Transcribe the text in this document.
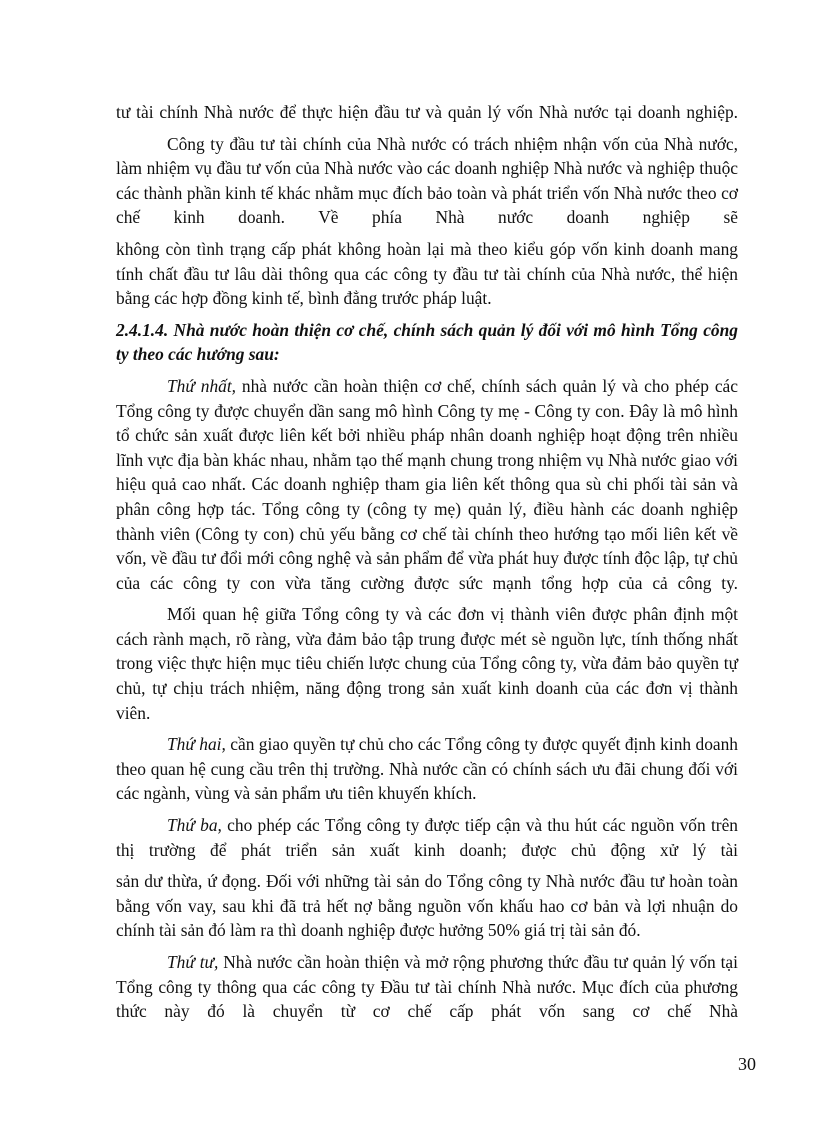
tư tài chính Nhà nước để thực hiện đầu tư và quản lý vốn Nhà nước tại doanh nghiệp.

Công ty đầu tư tài chính của Nhà nước có trách nhiệm nhận vốn của Nhà nước, làm nhiệm vụ đầu tư vốn của Nhà nước vào các doanh nghiệp Nhà nước và nghiệp thuộc các thành phần kinh tế khác nhằm mục đích bảo toàn và phát triển vốn Nhà nước theo cơ chế kinh doanh. Về phía Nhà nước doanh nghiệp sẽ

không còn tình trạng cấp phát không hoàn lại mà theo kiểu góp vốn kinh doanh mang tính chất đầu tư lâu dài thông qua các công ty đầu tư tài chính của Nhà nước, thể hiện bằng các hợp đồng kinh tế, bình đẳng trước pháp luật.

2.4.1.4. Nhà nước hoàn thiện cơ chế, chính sách quản lý đối với mô hình Tổng công ty theo các hướng sau:

Thứ nhất, nhà nước cần hoàn thiện cơ chế, chính sách quản lý và cho phép các Tổng công ty được chuyển dần sang mô hình Công ty mẹ - Công ty con. Đây là mô hình tổ chức sản xuất được liên kết bởi nhiều pháp nhân doanh nghiệp hoạt động trên nhiều lĩnh vực địa bàn khác nhau, nhằm tạo thế mạnh chung trong nhiệm vụ Nhà nước giao với hiệu quả cao nhất. Các doanh nghiệp tham gia liên kết thông qua sù chi phối tài sản và phân công hợp tác. Tổng công ty (công ty mẹ) quản lý, điều hành các doanh nghiệp thành viên (Công ty con) chủ yếu bằng cơ chế tài chính theo hướng tạo mối liên kết về vốn, về đầu tư đổi mới công nghệ và sản phẩm để vừa phát huy được tính độc lập, tự chủ của các công ty con vừa tăng cường được sức mạnh tổng hợp của cả công ty.

Mối quan hệ giữa Tổng công ty và các đơn vị thành viên được phân định một cách rành mạch, rõ ràng, vừa đảm bảo tập trung được mét sè nguồn lực, tính thống nhất trong việc thực hiện mục tiêu chiến lược chung của Tổng công ty, vừa đảm bảo quyền tự chủ, tự chịu trách nhiệm, năng động trong sản xuất kinh doanh của các đơn vị thành viên.

Thứ hai, cần giao quyền tự chủ cho các Tổng công ty được quyết định kinh doanh theo quan hệ cung cầu trên thị trường. Nhà nước cần có chính sách ưu đãi chung đối với các ngành, vùng và sản phẩm ưu tiên khuyến khích.

Thứ ba, cho phép các Tổng công ty được tiếp cận và thu hút các nguồn vốn trên thị trường để phát triển sản xuất kinh doanh; được chủ động xử lý tài

sản dư thừa, ứ đọng. Đối với những tài sản do Tổng công ty Nhà nước đầu tư hoàn toàn bằng vốn vay, sau khi đã trả hết nợ bằng nguồn vốn khấu hao cơ bản và lợi nhuận do chính tài sản đó làm ra thì doanh nghiệp được hưởng 50% giá trị tài sản đó.

Thứ tư, Nhà nước cần hoàn thiện và mở rộng phương thức đầu tư quản lý vốn tại Tổng công ty thông qua các công ty Đầu tư tài chính Nhà nước. Mục đích của phương thức này đó là chuyển từ cơ chế cấp phát vốn sang cơ chế Nhà

30
